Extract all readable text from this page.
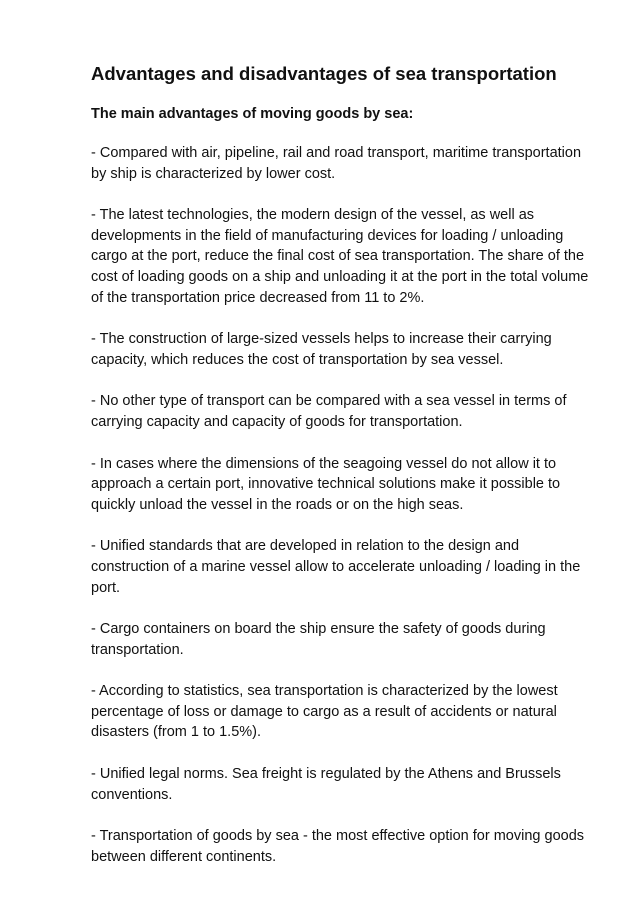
Advantages and disadvantages of sea transportation
The main advantages of moving goods by sea:

- Compared with air, pipeline, rail and road transport, maritime transportation by ship is characterized by lower cost.

- The latest technologies, the modern design of the vessel, as well as developments in the field of manufacturing devices for loading / unloading cargo at the port, reduce the final cost of sea transportation. The share of the cost of loading goods on a ship and unloading it at the port in the total volume of the transportation price decreased from 11 to 2%.

- The construction of large-sized vessels helps to increase their carrying capacity, which reduces the cost of transportation by sea vessel.

- No other type of transport can be compared with a sea vessel in terms of carrying capacity and capacity of goods for transportation.

- In cases where the dimensions of the seagoing vessel do not allow it to approach a certain port, innovative technical solutions make it possible to quickly unload the vessel in the roads or on the high seas.

- Unified standards that are developed in relation to the design and construction of a marine vessel allow to accelerate unloading / loading in the port.

- Cargo containers on board the ship ensure the safety of goods during transportation.

- According to statistics, sea transportation is characterized by the lowest percentage of loss or damage to cargo as a result of accidents or natural disasters (from 1 to 1.5%).

- Unified legal norms. Sea freight is regulated by the Athens and Brussels conventions.

- Transportation of goods by sea - the most effective option for moving goods between different continents.
